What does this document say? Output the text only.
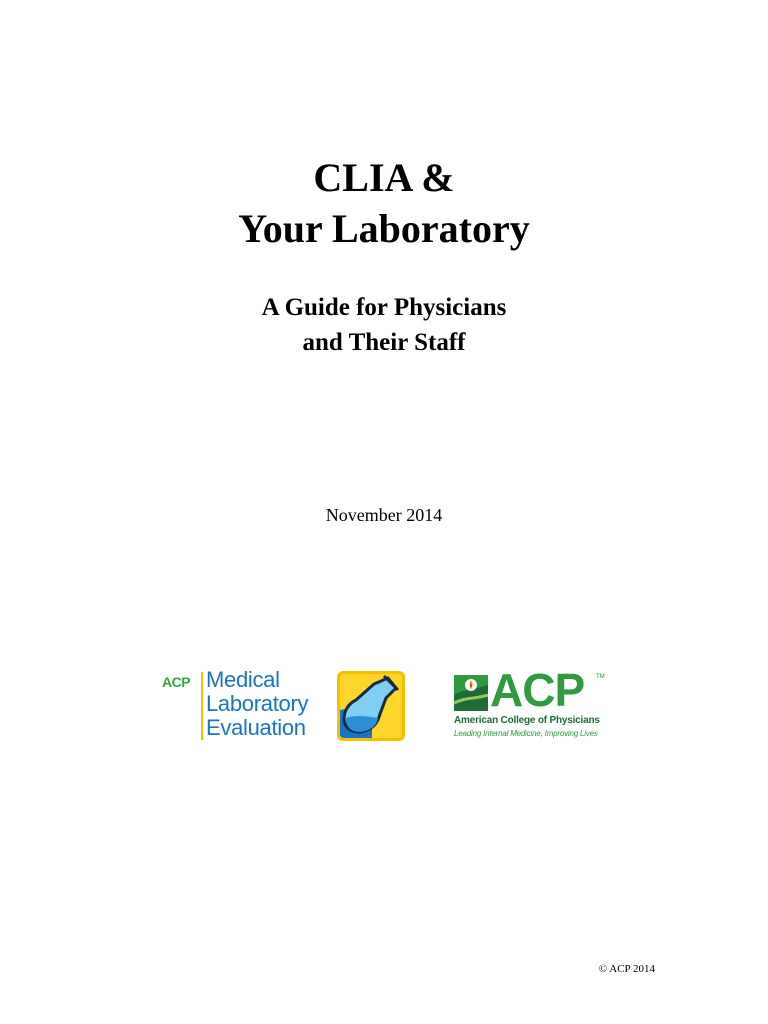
CLIA &
Your Laboratory
A Guide for Physicians
and Their Staff
November 2014
ACP Medical
Laboratory
Evaluation
ACP TM
American College of Physicians
Leading Internal Medicine, Improving Lives
© ACP 2014
